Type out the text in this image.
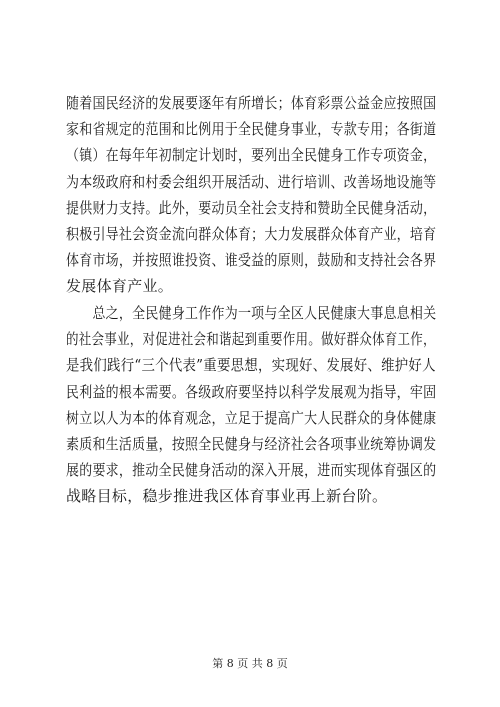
随着国民经济的发展要逐年有所增长；体育彩票公益金应按照国
家和省规定的范围和比例用于全民健身事业，专款专用；各街道
（镇）在每年年初制定计划时，要列出全民健身工作专项资金，
为本级政府和村委会组织开展活动、进行培训、改善场地设施等
提供财力支持。此外，要动员全社会支持和赞助全民健身活动，
积极引导社会资金流向群众体育；大力发展群众体育产业，培育
体育市场，并按照谁投资、谁受益的原则，鼓励和支持社会各界
发展体育产业。
　　总之，全民健身工作作为一项与全区人民健康大事息息相关
的社会事业，对促进社会和谐起到重要作用。做好群众体育工作，
是我们践行“三个代表”重要思想，实现好、发展好、维护好人
民利益的根本需要。各级政府要坚持以科学发展观为指导，牢固
树立以人为本的体育观念，立足于提高广大人民群众的身体健康
素质和生活质量，按照全民健身与经济社会各项事业统筹协调发
展的要求，推动全民健身活动的深入开展，进而实现体育强区的
战略目标，稳步推进我区体育事业再上新台阶。
第 8 页 共 8 页
